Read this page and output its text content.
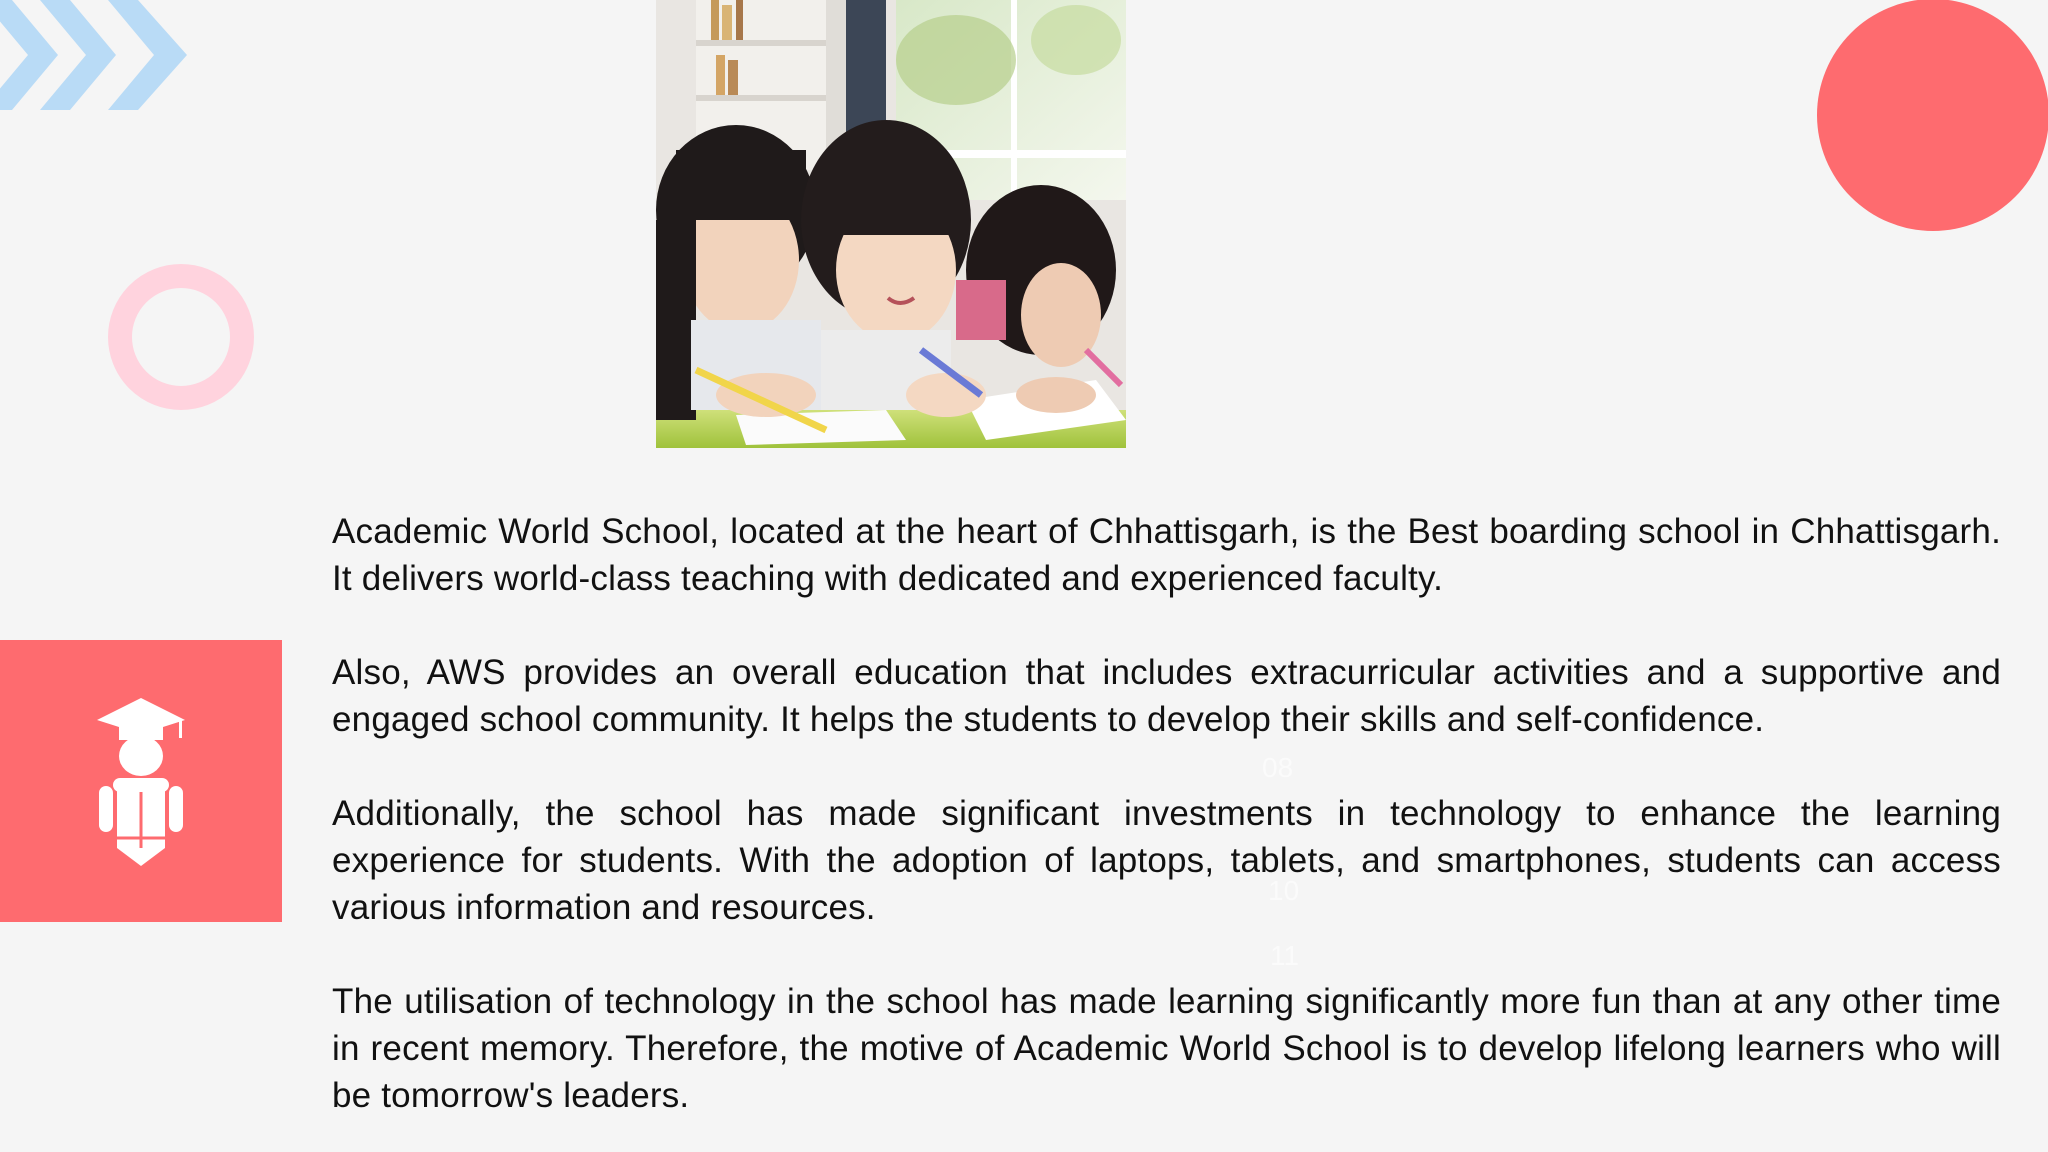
08
10
11

Academic World School, located at the heart of Chhattisgarh, is the Best boarding school in Chhattisgarh. It delivers world-class teaching with dedicated and experienced faculty.

Also, AWS provides an overall education that includes extracurricular activities and a supportive and engaged school community. It helps the students to develop their skills and self-confidence.

Additionally, the school has made significant investments in technology to enhance the learning experience for students. With the adoption of laptops, tablets, and smartphones, students can access various information and resources.

The utilisation of technology in the school has made learning significantly more fun than at any other time in recent memory. Therefore, the motive of Academic World School is to develop lifelong learners who will be tomorrow's leaders.
